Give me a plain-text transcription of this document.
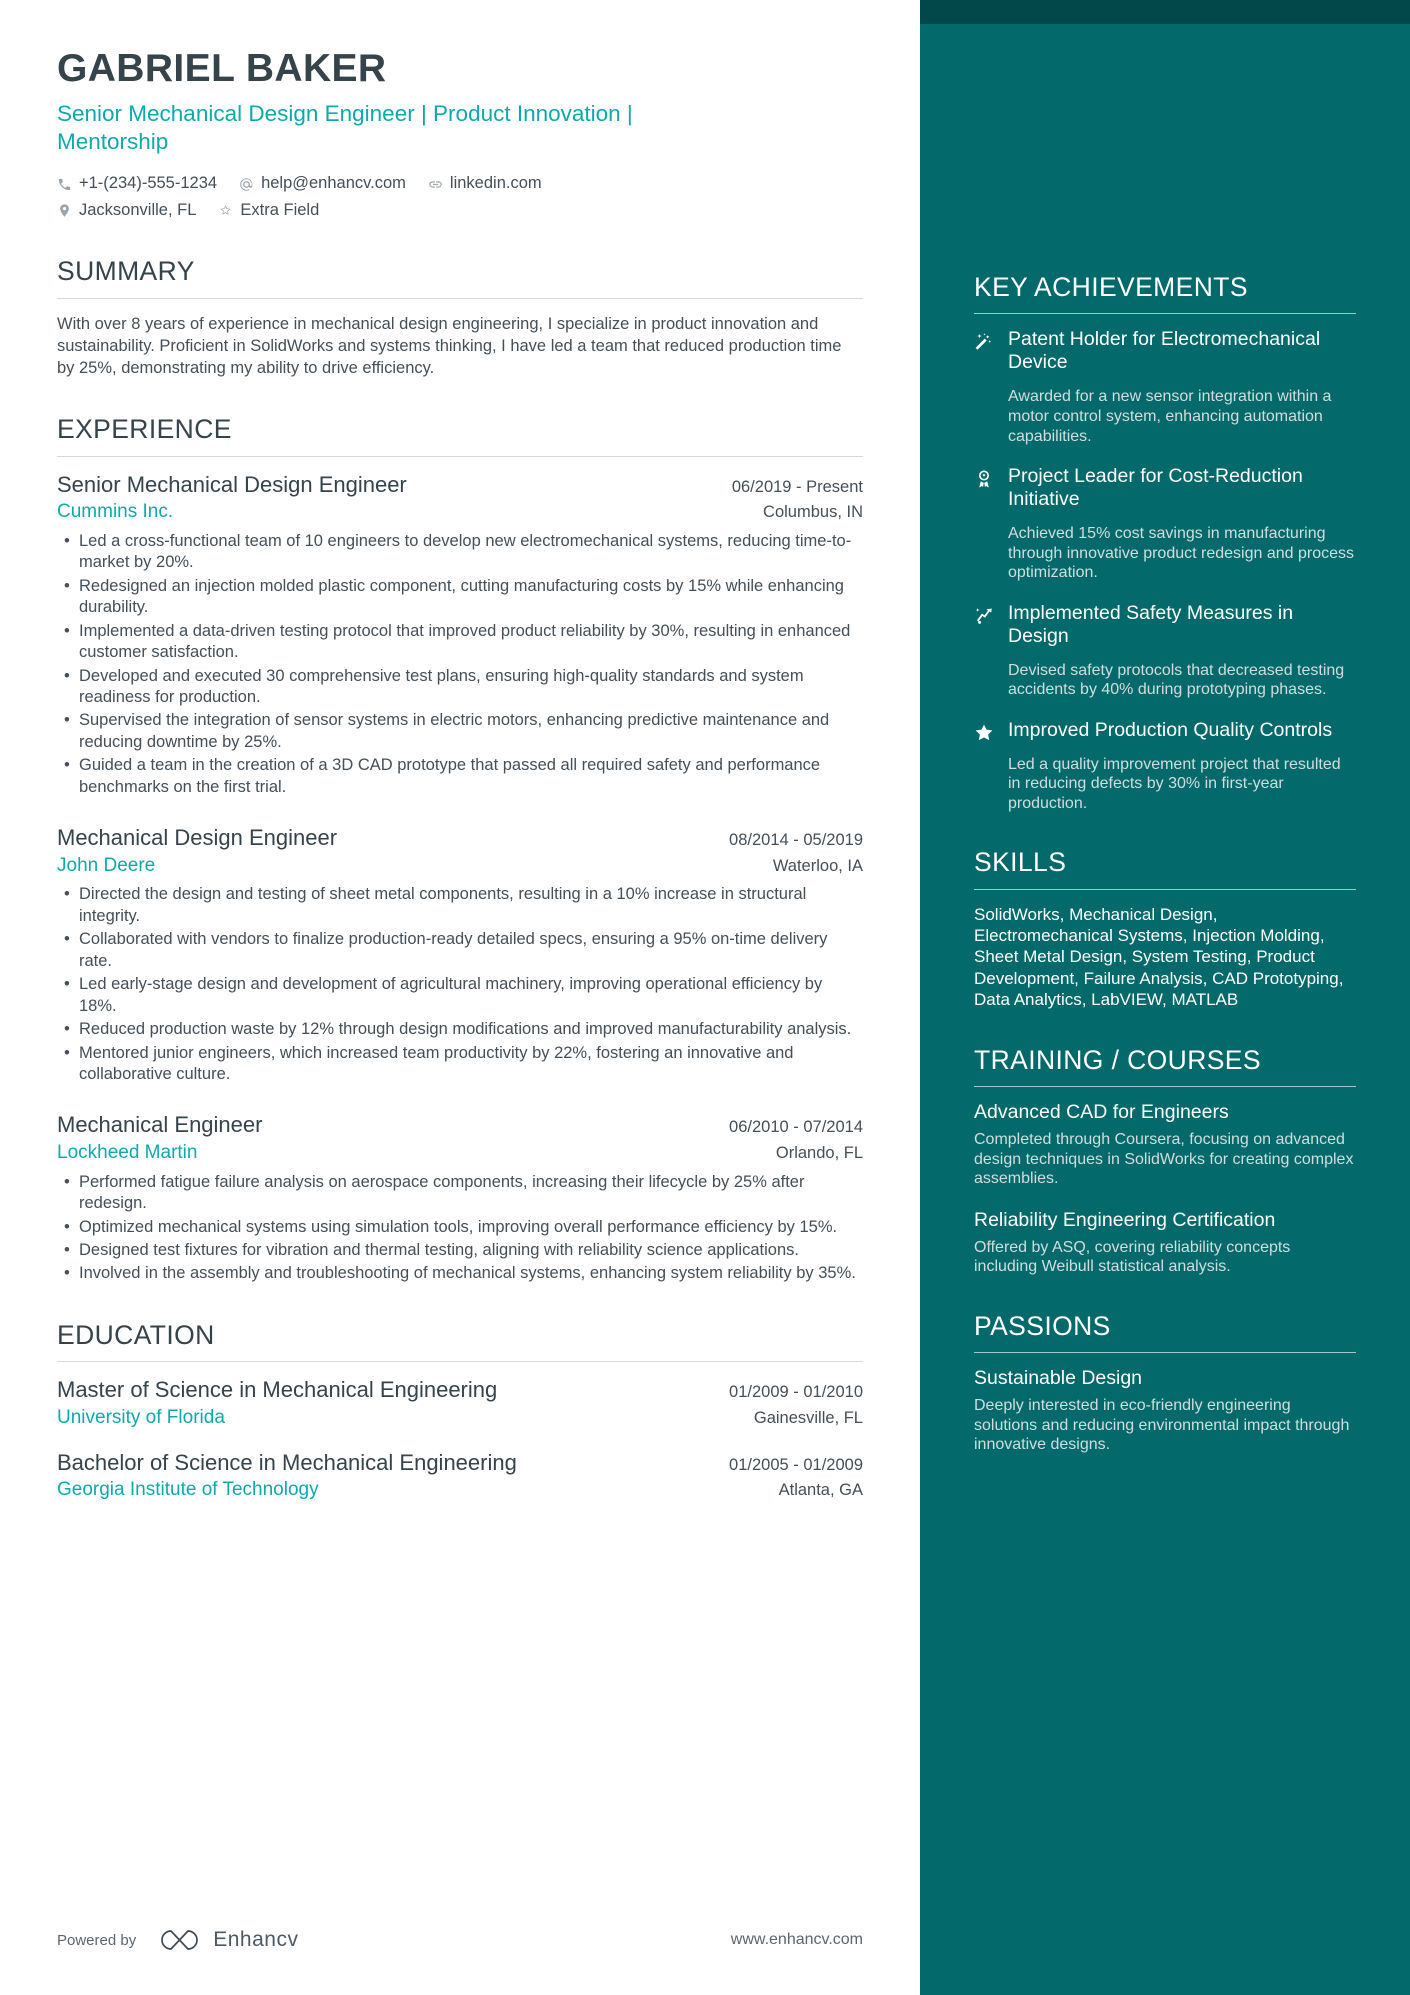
GABRIEL BAKER
Senior Mechanical Design Engineer | Product Innovation | Mentorship
+1-(234)-555-1234	help@enhancv.com	linkedin.com
Jacksonville, FL	Extra Field
SUMMARY
With over 8 years of experience in mechanical design engineering, I specialize in product innovation and sustainability. Proficient in SolidWorks and systems thinking, I have led a team that reduced production time by 25%, demonstrating my ability to drive efficiency.
EXPERIENCE
Senior Mechanical Design Engineer	06/2019 - Present
Cummins Inc.	Columbus, IN
• Led a cross-functional team of 10 engineers to develop new electromechanical systems, reducing time-to-market by 20%.
• Redesigned an injection molded plastic component, cutting manufacturing costs by 15% while enhancing durability.
• Implemented a data-driven testing protocol that improved product reliability by 30%, resulting in enhanced customer satisfaction.
• Developed and executed 30 comprehensive test plans, ensuring high-quality standards and system readiness for production.
• Supervised the integration of sensor systems in electric motors, enhancing predictive maintenance and reducing downtime by 25%.
• Guided a team in the creation of a 3D CAD prototype that passed all required safety and performance benchmarks on the first trial.
Mechanical Design Engineer	08/2014 - 05/2019
John Deere	Waterloo, IA
• Directed the design and testing of sheet metal components, resulting in a 10% increase in structural integrity.
• Collaborated with vendors to finalize production-ready detailed specs, ensuring a 95% on-time delivery rate.
• Led early-stage design and development of agricultural machinery, improving operational efficiency by 18%.
• Reduced production waste by 12% through design modifications and improved manufacturability analysis.
• Mentored junior engineers, which increased team productivity by 22%, fostering an innovative and collaborative culture.
Mechanical Engineer	06/2010 - 07/2014
Lockheed Martin	Orlando, FL
• Performed fatigue failure analysis on aerospace components, increasing their lifecycle by 25% after redesign.
• Optimized mechanical systems using simulation tools, improving overall performance efficiency by 15%.
• Designed test fixtures for vibration and thermal testing, aligning with reliability science applications.
• Involved in the assembly and troubleshooting of mechanical systems, enhancing system reliability by 35%.
EDUCATION
Master of Science in Mechanical Engineering	01/2009 - 01/2010
University of Florida	Gainesville, FL
Bachelor of Science in Mechanical Engineering	01/2005 - 01/2009
Georgia Institute of Technology	Atlanta, GA
KEY ACHIEVEMENTS
Patent Holder for Electromechanical Device
Awarded for a new sensor integration within a motor control system, enhancing automation capabilities.
Project Leader for Cost-Reduction Initiative
Achieved 15% cost savings in manufacturing through innovative product redesign and process optimization.
Implemented Safety Measures in Design
Devised safety protocols that decreased testing accidents by 40% during prototyping phases.
Improved Production Quality Controls
Led a quality improvement project that resulted in reducing defects by 30% in first-year production.
SKILLS
SolidWorks, Mechanical Design, Electromechanical Systems, Injection Molding, Sheet Metal Design, System Testing, Product Development, Failure Analysis, CAD Prototyping, Data Analytics, LabVIEW, MATLAB
TRAINING / COURSES
Advanced CAD for Engineers
Completed through Coursera, focusing on advanced design techniques in SolidWorks for creating complex assemblies.
Reliability Engineering Certification
Offered by ASQ, covering reliability concepts including Weibull statistical analysis.
PASSIONS
Sustainable Design
Deeply interested in eco-friendly engineering solutions and reducing environmental impact through innovative designs.
Powered by	Enhancv	www.enhancv.com
